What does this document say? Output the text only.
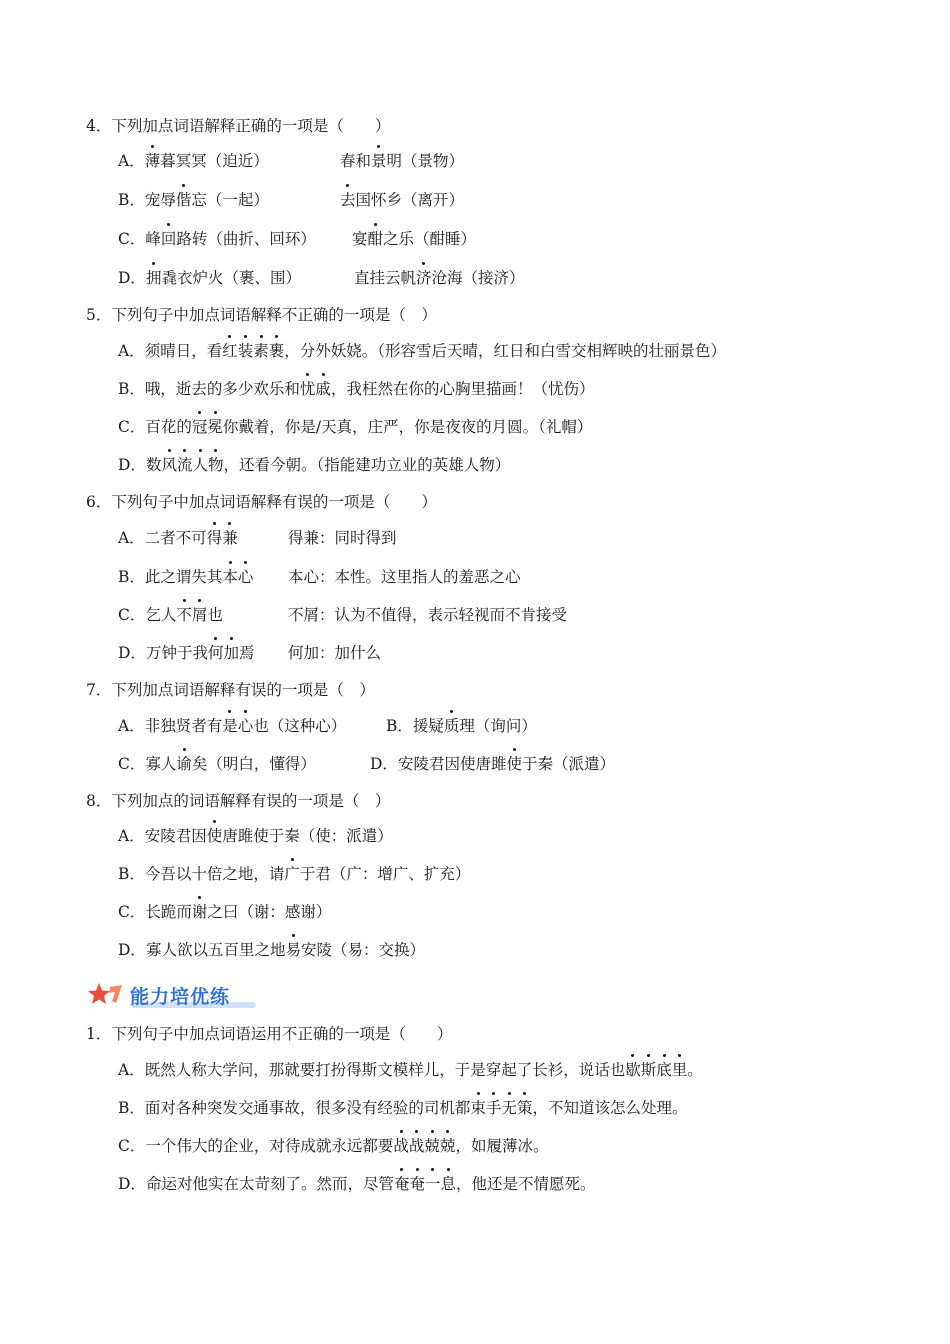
4．下列加点词语解释正确的一项是（　　）
A．薄暮冥冥（迫近）	春和景明（景物）
B．宠辱偕忘（一起）	去国怀乡（离开）
C．峰回路转（曲折、回环） 宴酣之乐（酣睡）
D．拥毳衣炉火（裹、围）	直挂云帆济沧海（接济）
5．下列句子中加点词语解释不正确的一项是（　）
A．须晴日，看红装素裹，分外妖娆。（形容雪后天晴，红日和白雪交相辉映的壮丽景色）
B．哦，逝去的多少欢乐和忧戚，我枉然在你的心胸里描画！（忧伤）
C．百花的冠冕你戴着，你是/天真，庄严，你是夜夜的月圆。（礼帽）
D．数风流人物，还看今朝。（指能建功立业的英雄人物）
6．下列句子中加点词语解释有误的一项是（　　）
A．二者不可得兼	得兼：同时得到
B．此之谓失其本心 本心：本性。这里指人的羞恶之心
C．乞人不屑也	不屑：认为不值得，表示轻视而不肯接受
D．万钟于我何加焉 何加：加什么
7．下列加点词语解释有误的一项是（　）
A．非独贤者有是心也（这种心）	B．援疑质理（询问）
C．寡人谕矣（明白，懂得）	D．安陵君因使唐雎使于秦（派遣）
8．下列加点的词语解释有误的一项是（　）
A．安陵君因使唐雎使于秦（使：派遣）
B．今吾以十倍之地，请广于君（广：增广、扩充）
C．长跪而谢之曰（谢：感谢）
D．寡人欲以五百里之地易安陵（易：交换）
能力培优练
1．下列句子中加点词语运用不正确的一项是（　　）
A．既然人称大学问，那就要打扮得斯文模样儿，于是穿起了长衫，说话也歇斯底里。
B．面对各种突发交通事故，很多没有经验的司机都束手无策，不知道该怎么处理。
C．一个伟大的企业，对待成就永远都要战战兢兢，如履薄冰。
D．命运对他实在太苛刻了。然而，尽管奄奄一息，他还是不情愿死。
